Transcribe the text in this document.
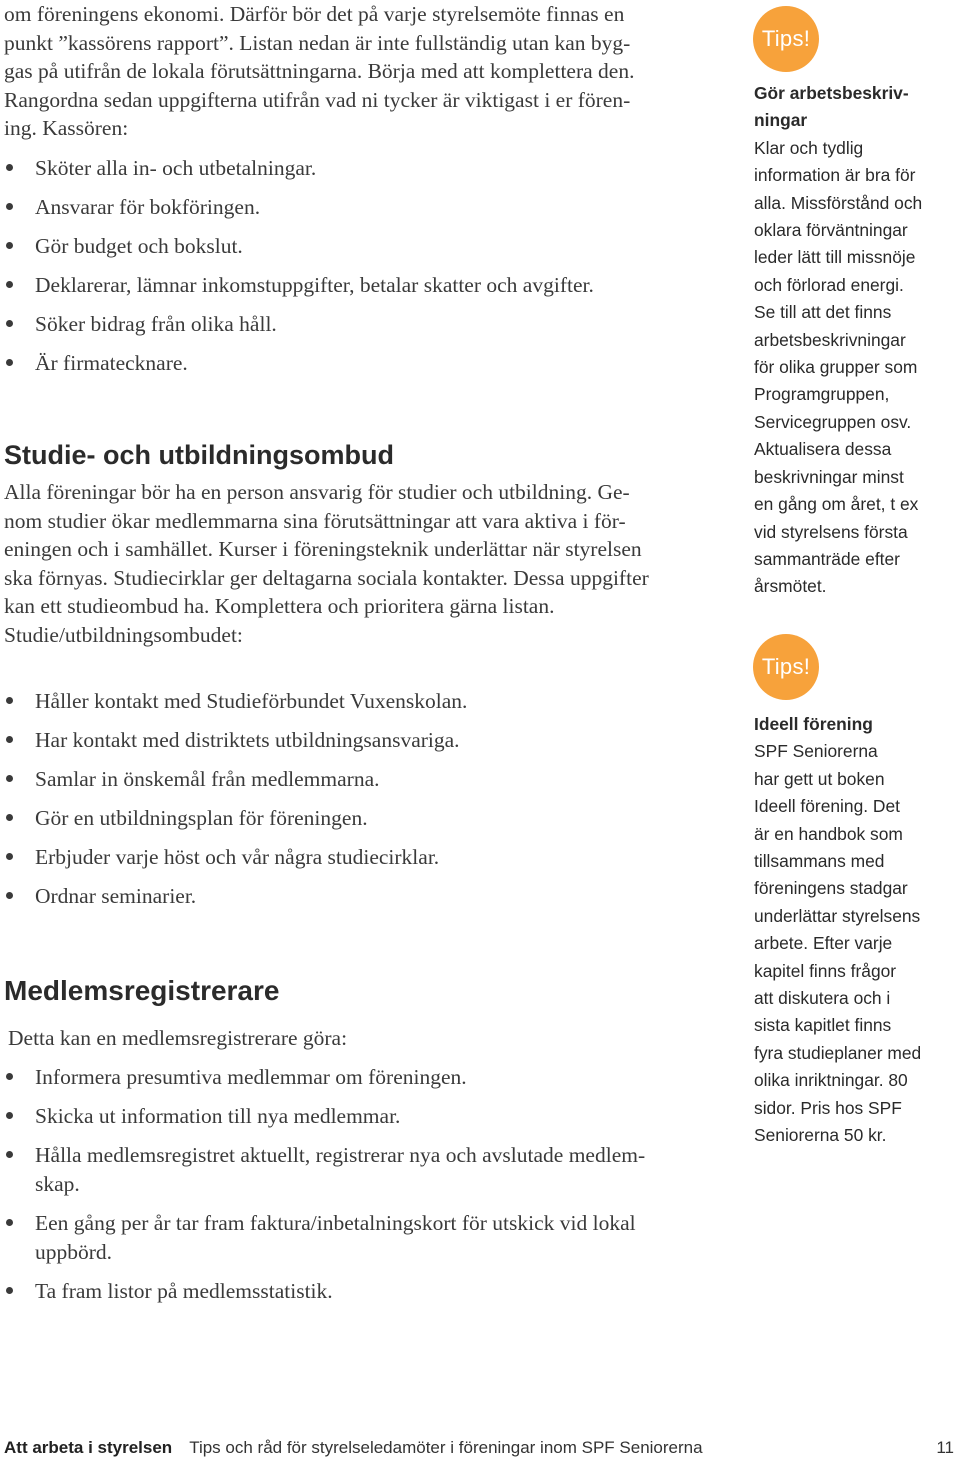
om föreningens ekonomi. Därför bör det på varje styrelsemöte finnas en

punkt ”kassörens rapport”. Listan nedan är inte fullständig utan kan byg-

gas på utifrån de lokala förutsättningarna. Börja med att komplettera den.

Rangordna sedan uppgifterna utifrån vad ni tycker är viktigast i er fören-

ing. Kassören:

Sköter alla in- och utbetalningar.
Ansvarar för bokföringen.
Gör budget och bokslut.
Deklarerar, lämnar inkomstuppgifter, betalar skatter och avgifter.
Söker bidrag från olika håll.
Är firmatecknare.
Studie- och utbildningsombud

Alla föreningar bör ha en person ansvarig för studier och utbildning. Ge-

nom studier ökar medlemmarna sina förutsättningar att vara aktiva i för-

eningen och i samhället. Kurser i föreningsteknik underlättar när styrelsen

ska förnyas. Studiecirklar ger deltagarna sociala kontakter. Dessa uppgifter

kan ett studieombud ha. Komplettera och prioritera gärna listan.

Studie/utbildningsombudet:

Håller kontakt med Studieförbundet Vuxenskolan.
Har kontakt med distriktets utbildningsansvariga.
Samlar in önskemål från medlemmarna.
Gör en utbildningsplan för föreningen.
Erbjuder varje höst och vår några studiecirklar.
Ordnar seminarier.
Medlemsregistrerare

Detta kan en medlemsregistrerare göra:

Informera presumtiva medlemmar om föreningen.
Skicka ut information till nya medlemmar.
Hålla medlemsregistret aktuellt, registrerar nya och avslutade medlem-
skap.
Een gång per år tar fram faktura/inbetalningskort för utskick vid lokal
uppbörd.
Ta fram listor på medlemsstatistik.
Tips!
Gör arbetsbeskriv-
ningar
Klar och tydlig
information är bra för
alla. Missförstånd och
oklara förväntningar
leder lätt till missnöje
och förlorad energi.
Se till att det finns
arbetsbeskrivningar
för olika grupper som
Programgruppen,
Servicegruppen osv.
Aktualisera dessa
beskrivningar minst
en gång om året, t ex
vid styrelsens första
sammanträde efter
årsmötet.
Tips!
Ideell förening
SPF Seniorerna
har gett ut boken
Ideell förening. Det
är en handbok som
tillsammans med
föreningens stadgar
underlättar styrelsens
arbete. Efter varje
kapitel finns frågor
att diskutera och i
sista kapitlet finns
fyra studieplaner med
olika inriktningar. 80
sidor. Pris hos SPF
Seniorerna 50 kr.
Att arbeta i styrelsen Tips och råd för styrelseledamöter i föreningar inom SPF Seniorerna	11
